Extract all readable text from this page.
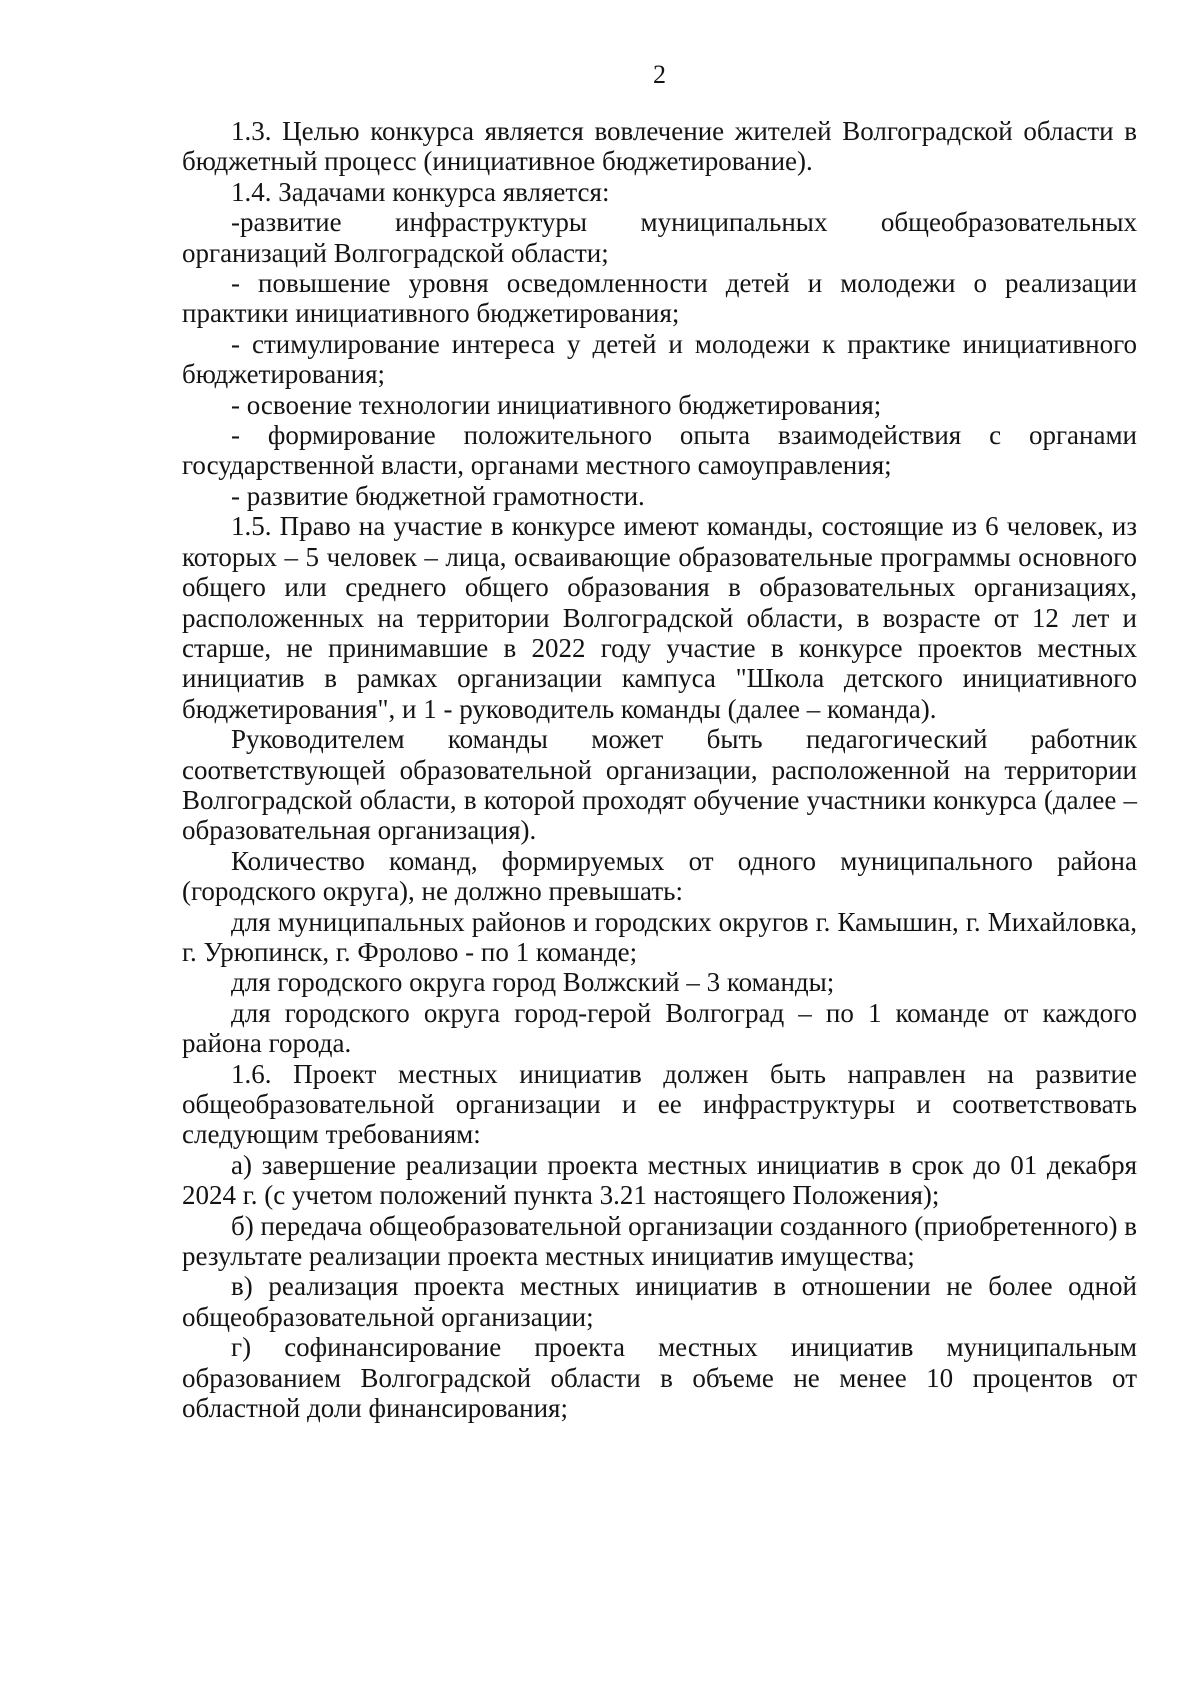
2

1.3. Целью конкурса является вовлечение жителей Волгоградской области в бюджетный процесс (инициативное бюджетирование).

1.4. Задачами конкурса является:

-развитие инфраструктуры муниципальных общеобразовательных организаций Волгоградской области;

- повышение уровня осведомленности детей и молодежи о реализации практики инициативного бюджетирования;

- стимулирование интереса у детей и молодежи к практике инициативного бюджетирования;

- освоение технологии инициативного бюджетирования;

- формирование положительного опыта взаимодействия с органами государственной власти, органами местного самоуправления;

- развитие бюджетной грамотности.

1.5. Право на участие в конкурсе имеют команды, состоящие из 6 человек, из которых – 5 человек – лица, осваивающие образовательные программы основного общего или среднего общего образования в образовательных организациях, расположенных на территории Волгоградской области, в возрасте от 12 лет и старше, не принимавшие в 2022 году участие в конкурсе проектов местных инициатив в рамках организации кампуса "Школа детского инициативного бюджетирования", и 1 - руководитель команды (далее – команда).

Руководителем команды может быть педагогический работник соответствующей образовательной организации, расположенной на территории Волгоградской области, в которой проходят обучение участники конкурса (далее – образовательная организация).

Количество команд, формируемых от одного муниципального района (городского округа), не должно превышать:

для муниципальных районов и городских округов г. Камышин, г. Михайловка, г. Урюпинск, г. Фролово - по 1 команде;

для городского округа город Волжский – 3 команды;

для городского округа город-герой Волгоград – по 1 команде от каждого района города.

1.6. Проект местных инициатив должен быть направлен на развитие общеобразовательной организации и ее инфраструктуры и соответствовать следующим требованиям:

а) завершение реализации проекта местных инициатив в срок до 01 декабря 2024 г. (с учетом положений пункта 3.21 настоящего Положения);

б) передача общеобразовательной организации созданного (приобретенного) в результате реализации проекта местных инициатив имущества;

в) реализация проекта местных инициатив в отношении не более одной общеобразовательной организации;

г) софинансирование проекта местных инициатив муниципальным образованием Волгоградской области в объеме не менее 10 процентов от областной доли финансирования;
